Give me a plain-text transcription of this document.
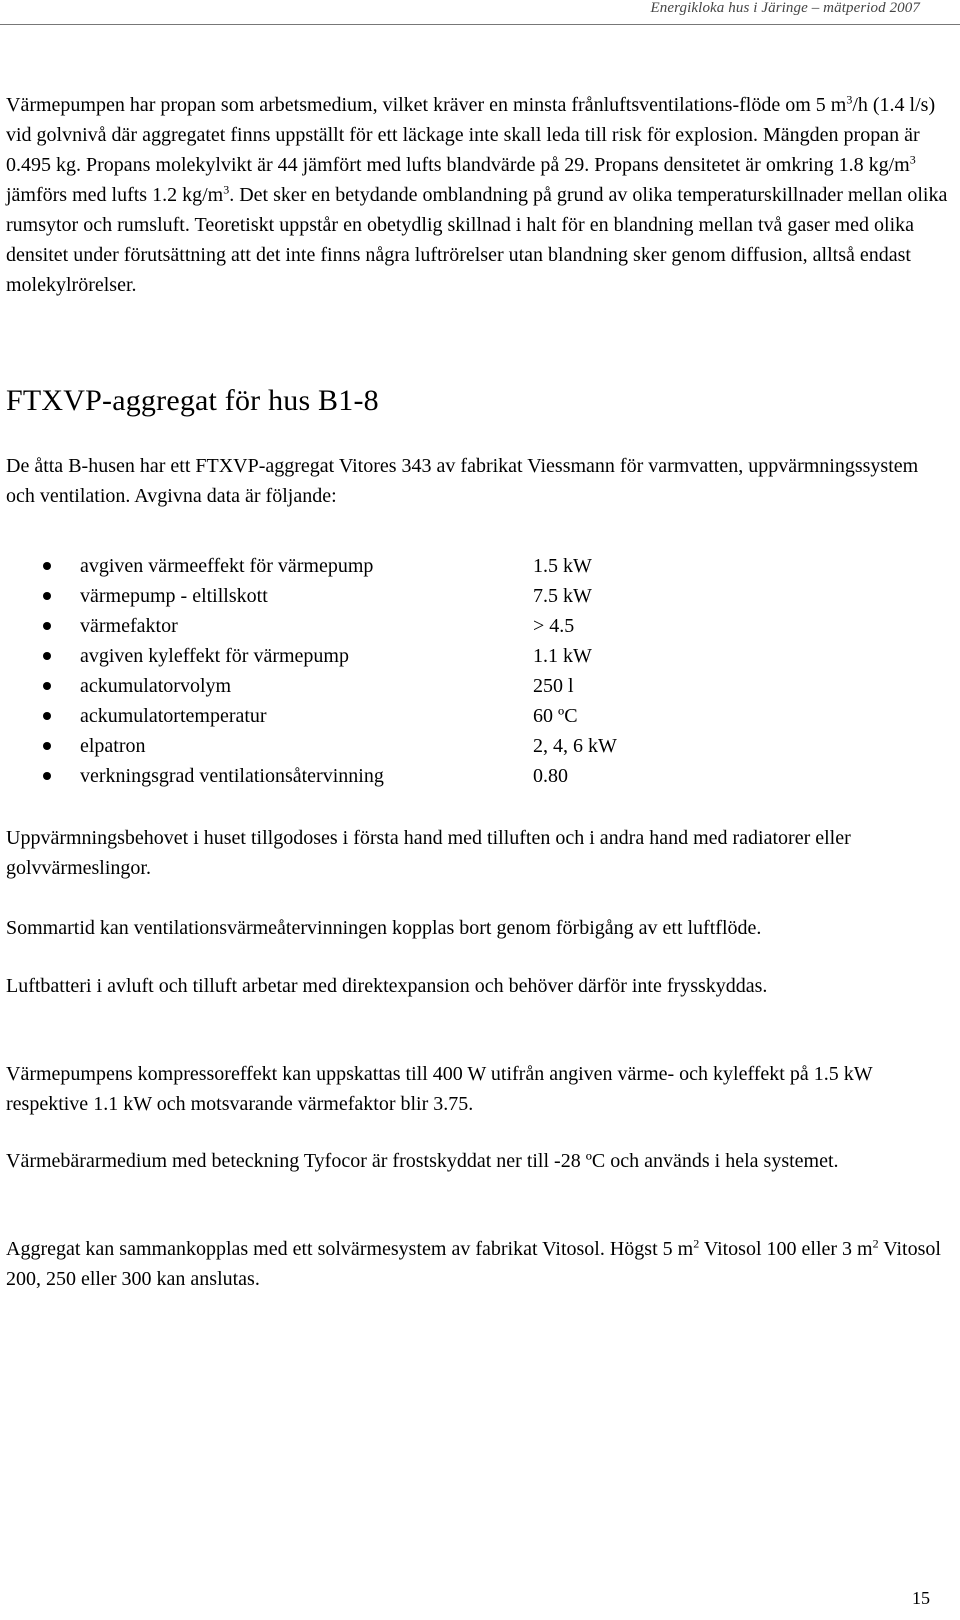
Energikloka hus i Järinge – mätperiod 2007

Värmepumpen har propan som arbetsmedium, vilket kräver en minsta frånluftsventilations-flöde om 5 $m^3/h$ (1.4 l/s) vid golvnivå där aggregatet finns uppställt för ett läckage inte skall leda till risk för explosion. Mängden propan är 0.495 kg. Propans molekylvikt är 44 jämfört med lufts blandvärde på 29. Propans densitetet är omkring 1.8 $kg/m^3$ jämförs med lufts 1.2 $kg/m^3$. Det sker en betydande omblandning på grund av olika temperaturskillnader mellan olika rumsytor och rumsluft. Teoretiskt uppstår en obetydlig skillnad i halt för en blandning mellan två gaser med olika densitet under förutsättning att det inte finns några luftrörelser utan blandning sker genom diffusion, alltså endast molekylrörelser.

FTXVP-aggregat för hus B1-8

De åtta B-husen har ett FTXVP-aggregat Vitores 343 av fabrikat Viessmann för varmvatten, uppvärmningssystem och ventilation. Avgivna data är följande:

avgiven värmeeffekt för värmepump	1.5 kW
värmepump - eltillskott	7.5 kW
värmefaktor	> 4.5
avgiven kyleffekt för värmepump	1.1 kW
ackumulatorvolym	250 l
ackumulatortemperatur	60 ºC
elpatron	2, 4, 6 kW
verkningsgrad ventilationsåtervinning	0.80

Uppvärmningsbehovet i huset tillgodoses i första hand med tilluften och i andra hand med radiatorer eller golvvärmeslingor.

Sommartid kan ventilationsvärmeåtervinningen kopplas bort genom förbigång av ett luftflöde.

Luftbatteri i avluft och tilluft arbetar med direktexpansion och behöver därför inte frysskyddas.

Värmepumpens kompressoreffekt kan uppskattas till 400 W utifrån angiven värme- och kyleffekt på 1.5 kW respektive 1.1 kW och motsvarande värmefaktor blir 3.75.

Värmebärarmedium med beteckning Tyfocor är frostskyddat ner till -28 ºC och används i hela systemet.

Aggregat kan sammankopplas med ett solvärmesystem av fabrikat Vitosol. Högst 5 $m^2$ Vitosol 100 eller 3 $m^2$ Vitosol 200, 250 eller 300 kan anslutas.

15
